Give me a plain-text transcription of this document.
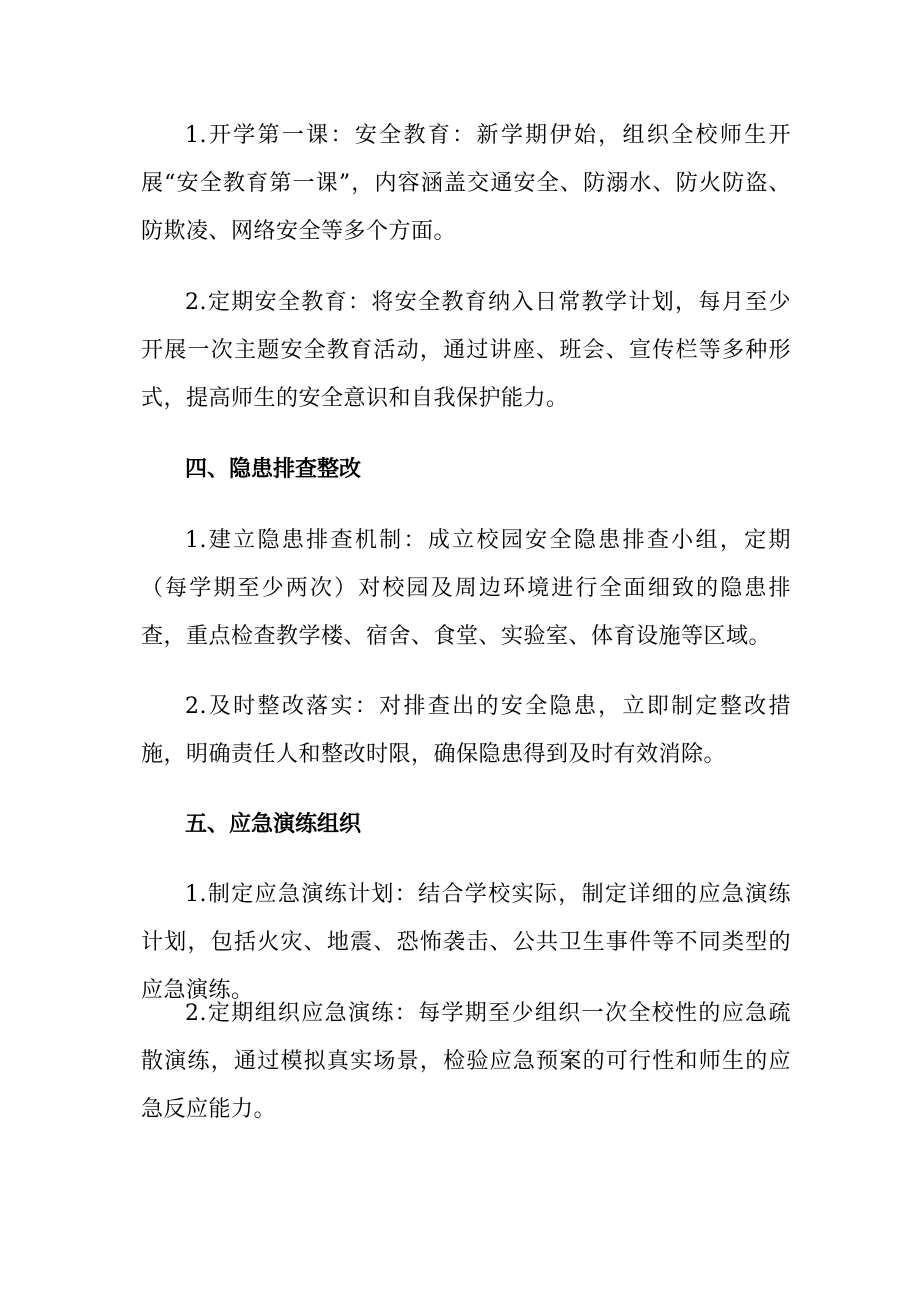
1.开学第一课：安全教育：新学期伊始，组织全校师生开展“安全教育第一课”，内容涵盖交通安全、防溺水、防火防盗、防欺凌、网络安全等多个方面。

2.定期安全教育：将安全教育纳入日常教学计划，每月至少开展一次主题安全教育活动，通过讲座、班会、宣传栏等多种形式，提高师生的安全意识和自我保护能力。

四、隐患排查整改

1.建立隐患排查机制：成立校园安全隐患排查小组，定期（每学期至少两次）对校园及周边环境进行全面细致的隐患排查，重点检查教学楼、宿舍、食堂、实验室、体育设施等区域。

2.及时整改落实：对排查出的安全隐患，立即制定整改措施，明确责任人和整改时限，确保隐患得到及时有效消除。

五、应急演练组织

1.制定应急演练计划：结合学校实际，制定详细的应急演练计划，包括火灾、地震、恐怖袭击、公共卫生事件等不同类型的应急演练。

2.定期组织应急演练：每学期至少组织一次全校性的应急疏散演练，通过模拟真实场景，检验应急预案的可行性和师生的应急反应能力。
